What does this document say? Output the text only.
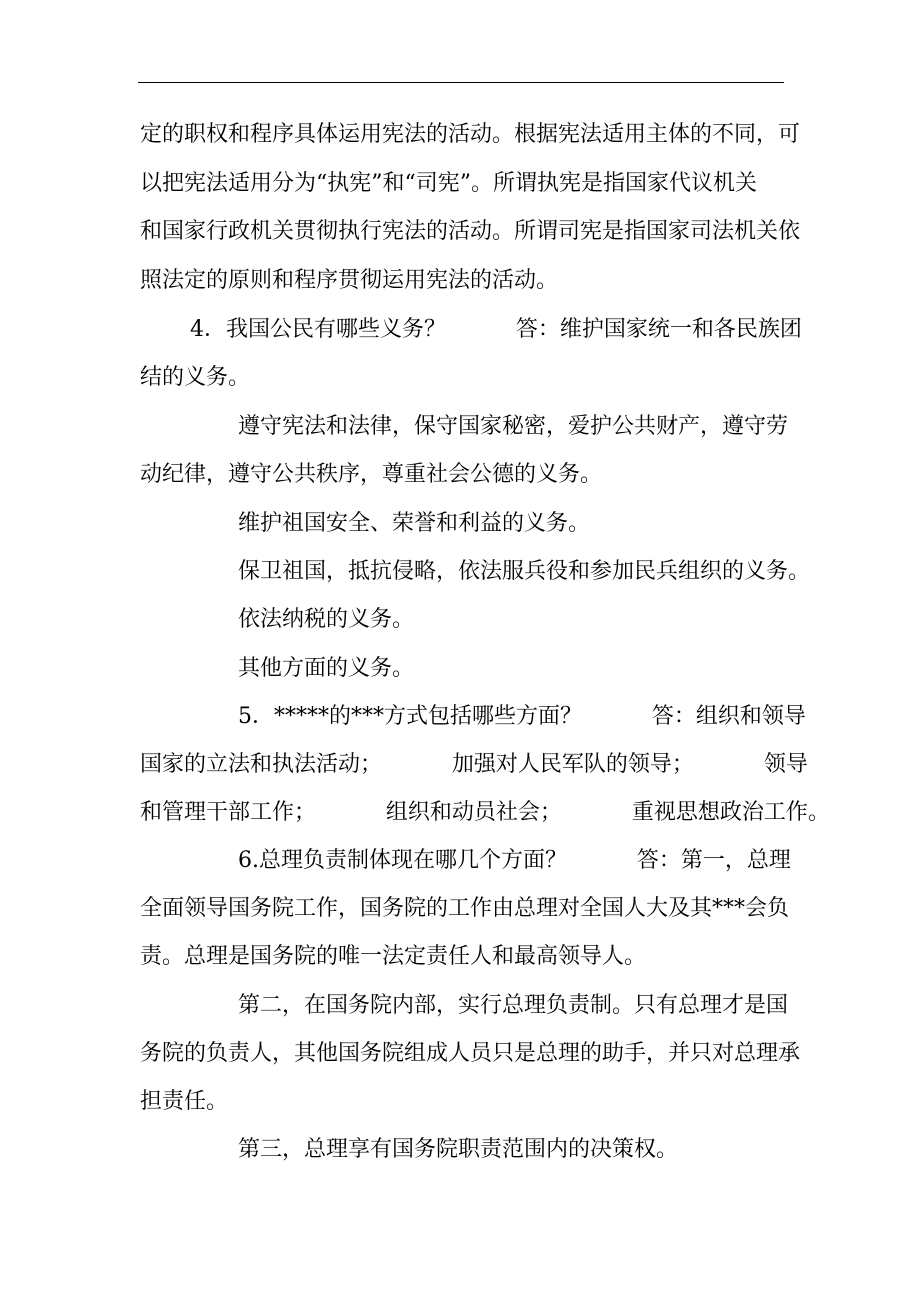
定的职权和程序具体运用宪法的活动。根据宪法适用主体的不同，可
以把宪法适用分为“执宪”和“司宪”。所谓执宪是指国家代议机关
和国家行政机关贯彻执行宪法的活动。所谓司宪是指国家司法机关依
照法定的原则和程序贯彻运用宪法的活动。
4．我国公民有哪些义务？          答：维护国家统一和各民族团
结的义务。
遵守宪法和法律，保守国家秘密，爱护公共财产，遵守劳
动纪律，遵守公共秩序，尊重社会公德的义务。
维护祖国安全、荣誉和利益的义务。
保卫祖国，抵抗侵略，依法服兵役和参加民兵组织的义务。
依法纳税的义务。
其他方面的义务。
5．*****的***方式包括哪些方面？          答：组织和领导
国家的立法和执法活动；          加强对人民军队的领导；          领导
和管理干部工作；          组织和动员社会；          重视思想政治工作。
6.总理负责制体现在哪几个方面？          答：第一，总理
全面领导国务院工作，国务院的工作由总理对全国人大及其***会负
责。总理是国务院的唯一法定责任人和最高领导人。
第二，在国务院内部，实行总理负责制。只有总理才是国
务院的负责人，其他国务院组成人员只是总理的助手，并只对总理承
担责任。
第三，总理享有国务院职责范围内的决策权。
